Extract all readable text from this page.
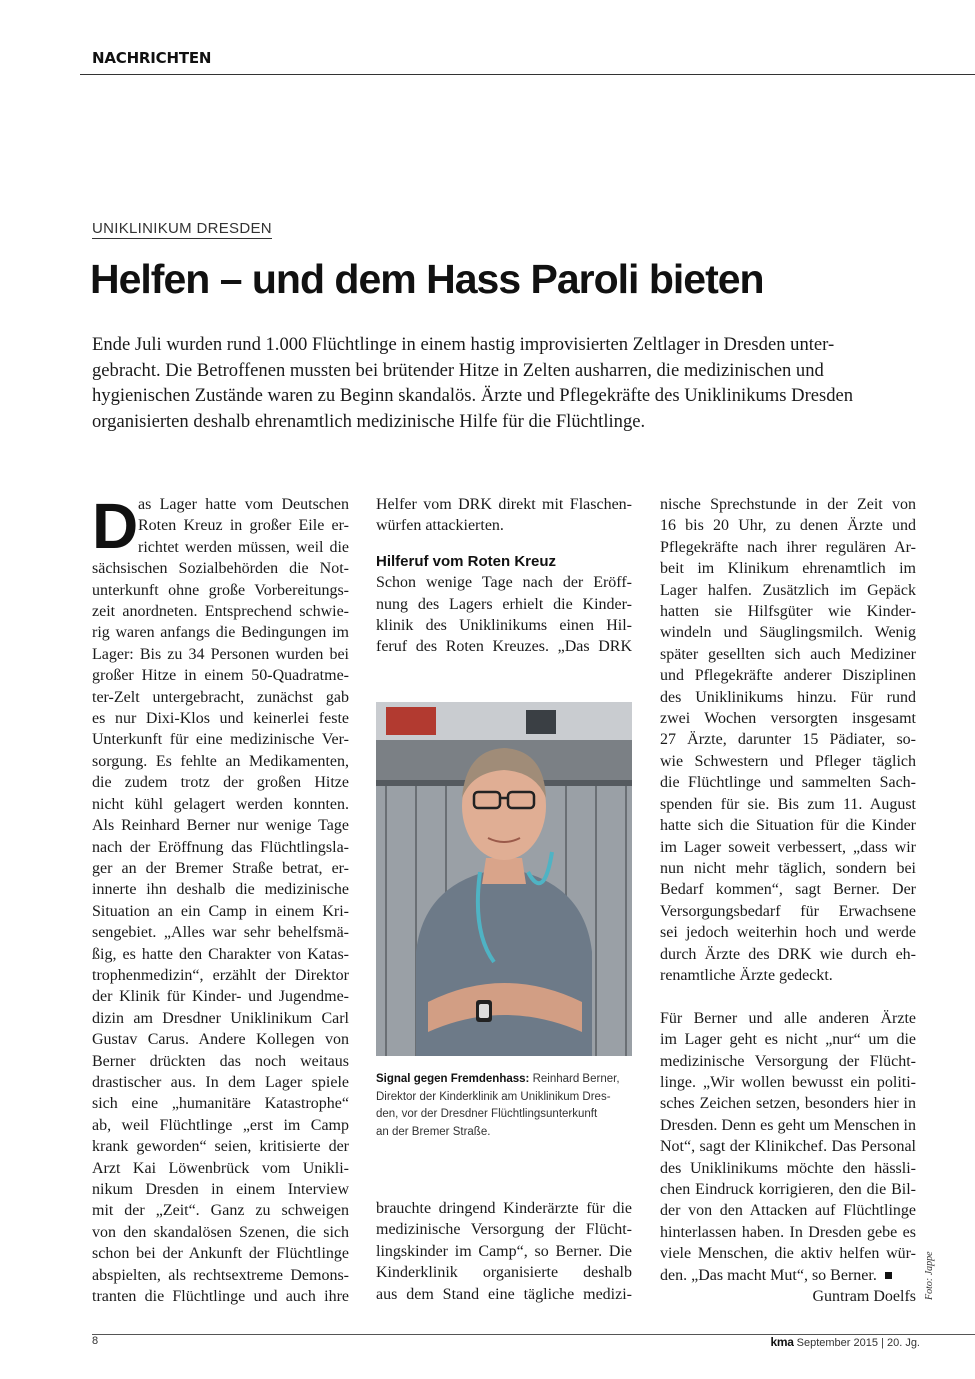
NACHRICHTEN
UNIKLINIKUM DRESDEN
Helfen – und dem Hass Paroli bieten

Ende Juli wurden rund 1.000 Flüchtlinge in einem hastig improvisierten Zeltlager in Dresden unter-
gebracht. Die Betroffenen mussten bei brütender Hitze in Zelten ausharren, die medizinischen und
hygienischen Zustände waren zu Beginn skandalös. Ärzte und Pflegekräfte des Uniklinikums Dresden
organisierten deshalb ehrenamtlich medizinische Hilfe für die Flüchtlinge.

D as Lager hatte vom Deutschen
Roten Kreuz in großer Eile er-
richtet werden müssen, weil die
sächsischen Sozialbehörden die Not-
unterkunft ohne große Vorbereitungs-
zeit anordneten. Entsprechend schwie-
rig waren anfangs die Bedingungen im
Lager: Bis zu 34 Personen wurden bei
großer Hitze in einem 50-Quadratme-
ter-Zelt untergebracht, zunächst gab
es nur Dixi-Klos und keinerlei feste
Unterkunft für eine medizinische Ver-
sorgung. Es fehlte an Medikamenten,
die zudem trotz der großen Hitze
nicht kühl gelagert werden konnten.
Als Reinhard Berner nur wenige Tage
nach der Eröffnung das Flüchtlingsla-
ger an der Bremer Straße betrat, er-
innerte ihn deshalb die medizinische
Situation an ein Camp in einem Kri-
sengebiet. „Alles war sehr behelfsmä-
ßig, es hatte den Charakter von Katas-
trophenmedizin“, erzählt der Direktor
der Klinik für Kinder- und Jugendme-
dizin am Dresdner Uniklinikum Carl
Gustav Carus. Andere Kollegen von
Berner drückten das noch weitaus
drastischer aus. In dem Lager spiele
sich eine „humanitäre Katastrophe“
ab, weil Flüchtlinge „erst im Camp
krank geworden“ seien, kritisierte der
Arzt Kai Löwenbrück vom Unikli-
nikum Dresden in einem Interview
mit der „Zeit“. Ganz zu schweigen
von den skandalösen Szenen, die sich
schon bei der Ankunft der Flüchtlinge
abspielten, als rechtsextreme Demons-
tranten die Flüchtlinge und auch ihre
Helfer vom DRK direkt mit Flaschen-
würfen attackierten.
Hilferuf vom Roten Kreuz
Schon wenige Tage nach der Eröff-
nung des Lagers erhielt die Kinder-
klinik des Uniklinikums einen Hil-
feruf des Roten Kreuzes. „Das DRK

Signal gegen Fremdenhass: Reinhard Berner,
Direktor der Kinderklinik am Uniklinikum Dres-
den, vor der Dresdner Flüchtlingsunterkunft
an der Bremer Straße.

brauchte dringend Kinderärzte für die
medizinische Versorgung der Flücht-
lingskinder im Camp“, so Berner. Die
Kinderklinik organisierte deshalb
aus dem Stand eine tägliche medizi-
nische Sprechstunde in der Zeit von
16 bis 20 Uhr, zu denen Ärzte und
Pflegekräfte nach ihrer regulären Ar-
beit im Klinikum ehrenamtlich im
Lager halfen. Zusätzlich im Gepäck
hatten sie Hilfsgüter wie Kinder-
windeln und Säuglingsmilch. Wenig
später gesellten sich auch Mediziner
und Pflegekräfte anderer Disziplinen
des Uniklinikums hinzu. Für rund
zwei Wochen versorgten insgesamt
27 Ärzte, darunter 15 Pädiater, so-
wie Schwestern und Pfleger täglich
die Flüchtlinge und sammelten Sach-
spenden für sie. Bis zum 11. August
hatte sich die Situation für die Kinder
im Lager soweit verbessert, „dass wir
nun nicht mehr täglich, sondern bei
Bedarf kommen“, sagt Berner. Der
Versorgungsbedarf für Erwachsene
sei jedoch weiterhin hoch und werde
durch Ärzte des DRK wie durch eh-
renamtliche Ärzte gedeckt.
Für Berner und alle anderen Ärzte
im Lager geht es nicht „nur“ um die
medizinische Versorgung der Flücht-
linge. „Wir wollen bewusst ein politi-
sches Zeichen setzen, besonders hier in
Dresden. Denn es geht um Menschen in
Not“, sagt der Klinikchef. Das Personal
des Uniklinikums möchte den hässli-
chen Eindruck korrigieren, den die Bil-
der von den Attacken auf Flüchtlinge
hinterlassen haben. In Dresden gebe es
viele Menschen, die aktiv helfen wür-
den. „Das macht Mut“, so Berner.
Guntram Doelfs Foto: Jappe
8	kma September 2015 | 20. Jg.
